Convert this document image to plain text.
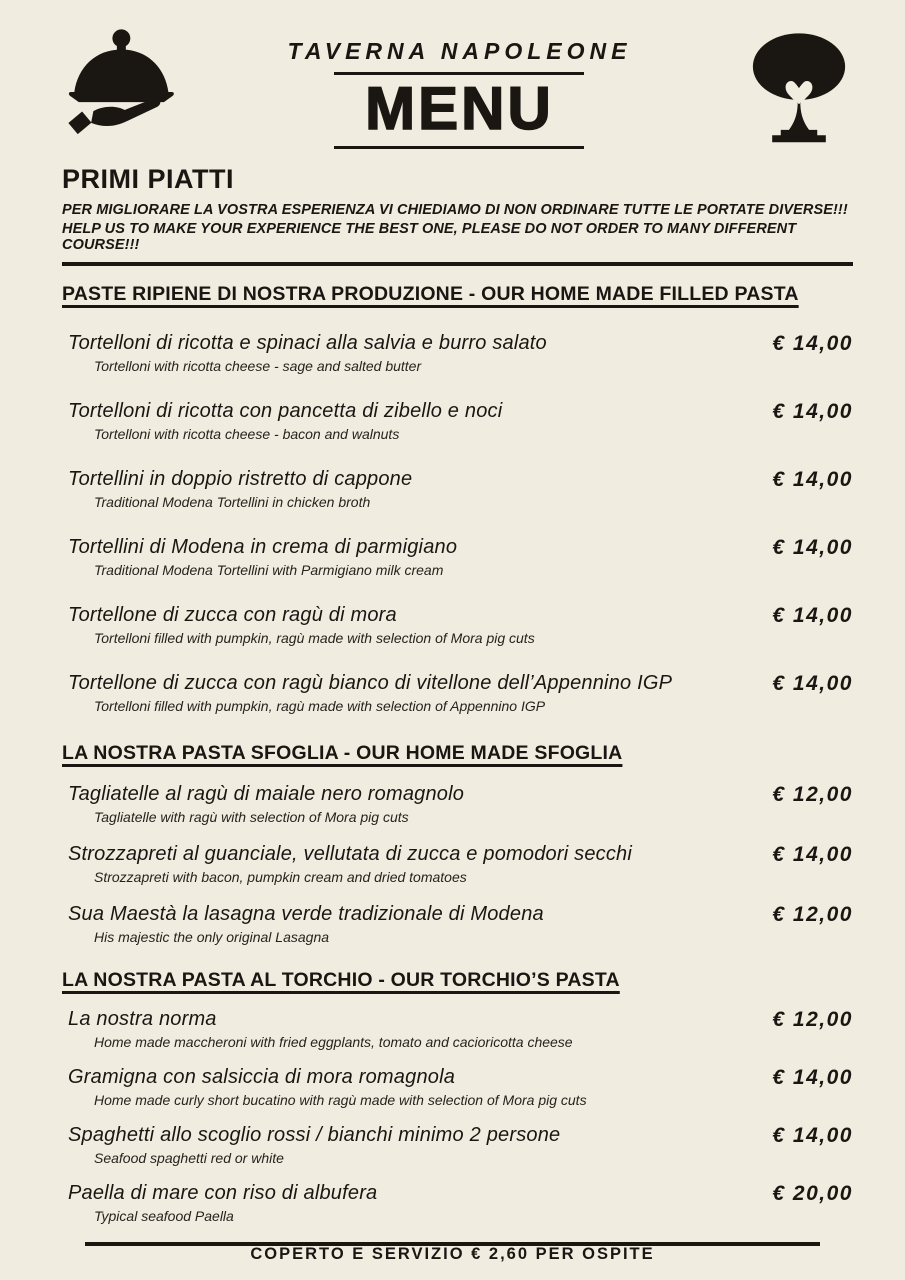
TAVERNA NAPOLEONE
MENU
PRIMI PIATTI

PER MIGLIORARE LA VOSTRA ESPERIENZA VI CHIEDIAMO DI NON ORDINARE TUTTE LE PORTATE DIVERSE!!!

HELP US TO MAKE YOUR EXPERIENCE THE BEST ONE, PLEASE DO NOT ORDER TO MANY DIFFERENT COURSE!!!

PASTE RIPIENE DI NOSTRA PRODUZIONE - OUR HOME MADE FILLED PASTA
Tortelloni di ricotta e spinaci alla salvia e burro salato
Tortelloni with ricotta cheese - sage and salted butter
€ 14,00
Tortelloni di ricotta con pancetta di zibello e noci
Tortelloni with ricotta cheese - bacon and walnuts
€ 14,00
Tortellini in doppio ristretto di cappone
Traditional Modena Tortellini in chicken broth
€ 14,00
Tortellini di Modena in crema di parmigiano
Traditional Modena Tortellini with Parmigiano milk cream
€ 14,00
Tortellone di zucca con ragù di mora
Tortelloni filled with pumpkin, ragù made with selection of Mora pig cuts
€ 14,00
Tortellone di zucca con ragù bianco di vitellone dell’Appennino IGP
Tortelloni filled with pumpkin, ragù made with selection of Appennino IGP
€ 14,00
LA NOSTRA PASTA SFOGLIA - OUR HOME MADE SFOGLIA
Tagliatelle al ragù di maiale nero romagnolo
Tagliatelle with ragù with selection of Mora pig cuts
€ 12,00
Strozzapreti al guanciale, vellutata di zucca e pomodori secchi
Strozzapreti with bacon, pumpkin cream and dried tomatoes
€ 14,00
Sua Maestà la lasagna verde tradizionale di Modena
His majestic the only original Lasagna
€ 12,00
LA NOSTRA PASTA AL TORCHIO - OUR TORCHIO’S PASTA
La nostra norma
Home made maccheroni with fried eggplants, tomato and cacioricotta cheese
€ 12,00
Gramigna con salsiccia di mora romagnola
Home made curly short bucatino with ragù made with selection of Mora pig cuts
€ 14,00
Spaghetti allo scoglio rossi / bianchi minimo 2 persone
Seafood spaghetti red or white
€ 14,00
Paella di mare con riso di albufera
Typical seafood Paella
€ 20,00
COPERTO E SERVIZIO € 2,60 PER OSPITE
